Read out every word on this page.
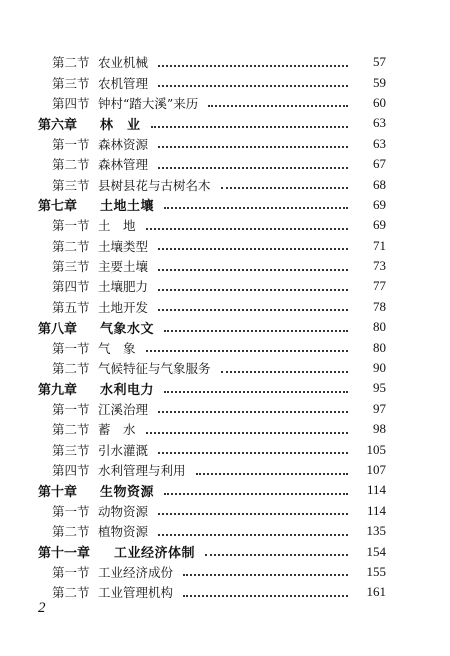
第二节 农业机械	57
第三节 农机管理	59
第四节 钟村“踏大溪”来历	60
第六章	林　业	63
第一节 森林资源	63
第二节 森林管理	67
第三节 县树县花与古树名木	68
第七章	土地土壤	69
第一节 土　地	69
第二节 土壤类型	71
第三节 主要土壤	73
第四节 土壤肥力	77
第五节 土地开发	78
第八章	气象水文	80
第一节 气　象	80
第二节 气候特征与气象服务	90
第九章	水利电力	95
第一节 江溪治理	97
第二节 蓄　水	98
第三节 引水灌溉	105
第四节 水利管理与利用	107
第十章	生物资源	114
第一节 动物资源	114
第二节 植物资源	135
第十一章	工业经济体制	154
第一节 工业经济成份	155
第二节 工业管理机构	161
2
